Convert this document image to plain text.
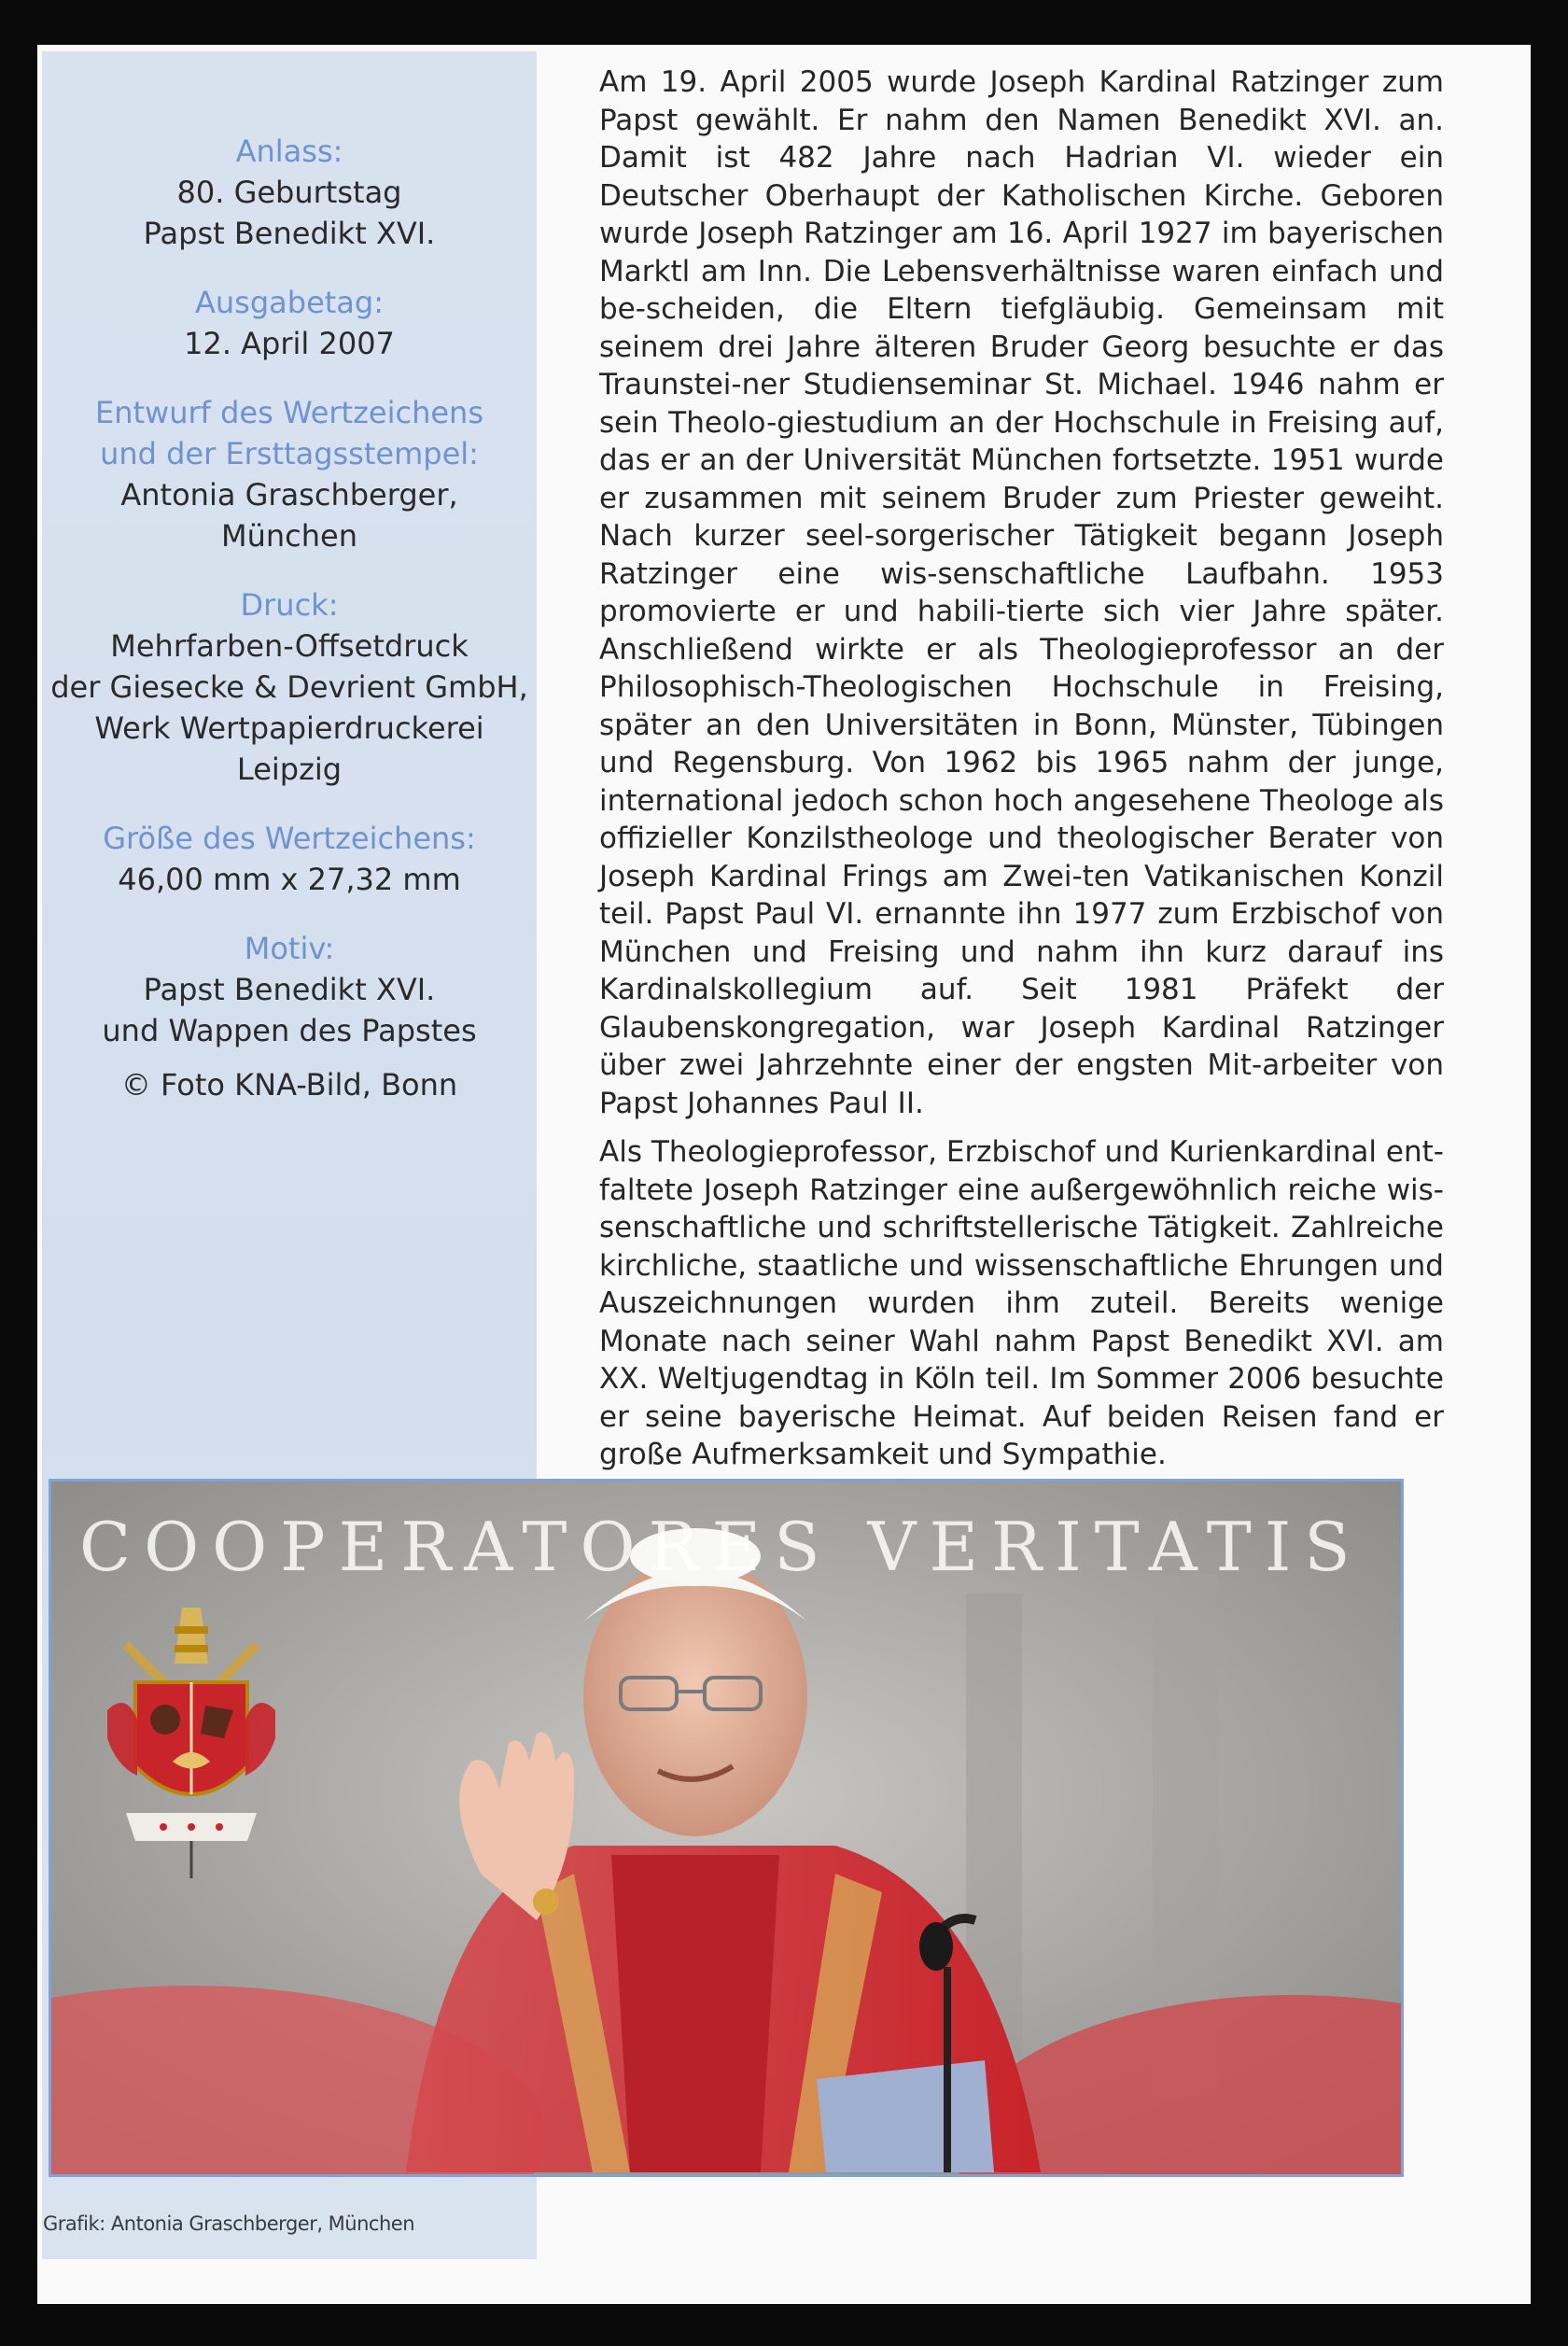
Anlass:
80. Geburtstag
Papst Benedikt XVI.
Ausgabetag:
12. April 2007
Entwurf des Wertzeichens
und der Ersttagsstempel:
Antonia Graschberger,
München
Druck:
Mehrfarben-Offsetdruck
der Giesecke & Devrient GmbH,
Werk Wertpapierdruckerei
Leipzig
Größe des Wertzeichens:
46,00 mm x 27,32 mm
Motiv:
Papst Benedikt XVI.
und Wappen des Papstes
© Foto KNA-Bild, Bonn

Am 19. April 2005 wurde Joseph Kardinal Ratzinger zum Papst gewählt. Er nahm den Namen Benedikt XVI. an. Damit ist 482 Jahre nach Hadrian VI. wieder ein Deutscher Oberhaupt der Katholischen Kirche. Geboren wurde Joseph Ratzinger am 16. April 1927 im bayerischen Marktl am Inn. Die Lebensverhältnisse waren einfach und be-scheiden, die Eltern tiefgläubig. Gemeinsam mit seinem drei Jahre älteren Bruder Georg besuchte er das Traunstei-ner Studienseminar St. Michael. 1946 nahm er sein Theolo-giestudium an der Hochschule in Freising auf, das er an der Universität München fortsetzte. 1951 wurde er zusammen mit seinem Bruder zum Priester geweiht. Nach kurzer seel-sorgerischer Tätigkeit begann Joseph Ratzinger eine wis-senschaftliche Laufbahn. 1953 promovierte er und habili-tierte sich vier Jahre später. Anschließend wirkte er als Theologieprofessor an der Philosophisch-Theologischen Hochschule in Freising, später an den Universitäten in Bonn, Münster, Tübingen und Regensburg. Von 1962 bis 1965 nahm der junge, international jedoch schon hoch angesehene Theologe als offizieller Konzilstheologe und theologischer Berater von Joseph Kardinal Frings am Zwei-ten Vatikanischen Konzil teil. Papst Paul VI. ernannte ihn 1977 zum Erzbischof von München und Freising und nahm ihn kurz darauf ins Kardinalskollegium auf. Seit 1981 Präfekt der Glaubenskongregation, war Joseph Kardinal Ratzinger über zwei Jahrzehnte einer der engsten Mit-arbeiter von Papst Johannes Paul II.

Als Theologieprofessor, Erzbischof und Kurienkardinal ent-faltete Joseph Ratzinger eine außergewöhnlich reiche wis-senschaftliche und schriftstellerische Tätigkeit. Zahlreiche kirchliche, staatliche und wissenschaftliche Ehrungen und Auszeichnungen wurden ihm zuteil. Bereits wenige Monate nach seiner Wahl nahm Papst Benedikt XVI. am XX. Weltjugendtag in Köln teil. Im Sommer 2006 besuchte er seine bayerische Heimat. Auf beiden Reisen fand er große Aufmerksamkeit und Sympathie.

COOPERATORES VERITATIS
Grafik: Antonia Graschberger, München
